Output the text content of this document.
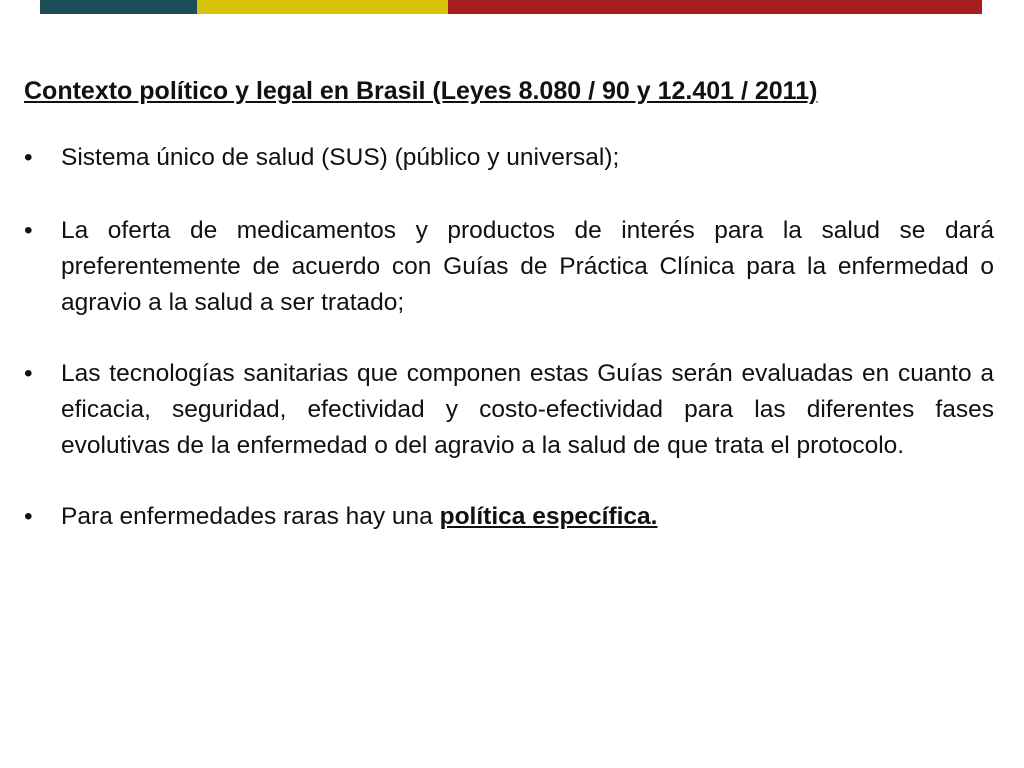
Contexto político y legal en Brasil (Leyes 8.080 / 90 y 12.401 / 2011)
• Sistema único de salud (SUS) (público y universal);
• La oferta de medicamentos y productos de interés para la salud se dará preferentemente de acuerdo con Guías de Práctica Clínica para la enfermedad o agravio a la salud a ser tratado;
• Las tecnologías sanitarias que componen estas Guías serán evaluadas en cuanto a eficacia, seguridad, efectividad y costo-efectividad para las diferentes fases evolutivas de la enfermedad o del agravio a la salud de que trata el protocolo.
• Para enfermedades raras hay una política específica.
